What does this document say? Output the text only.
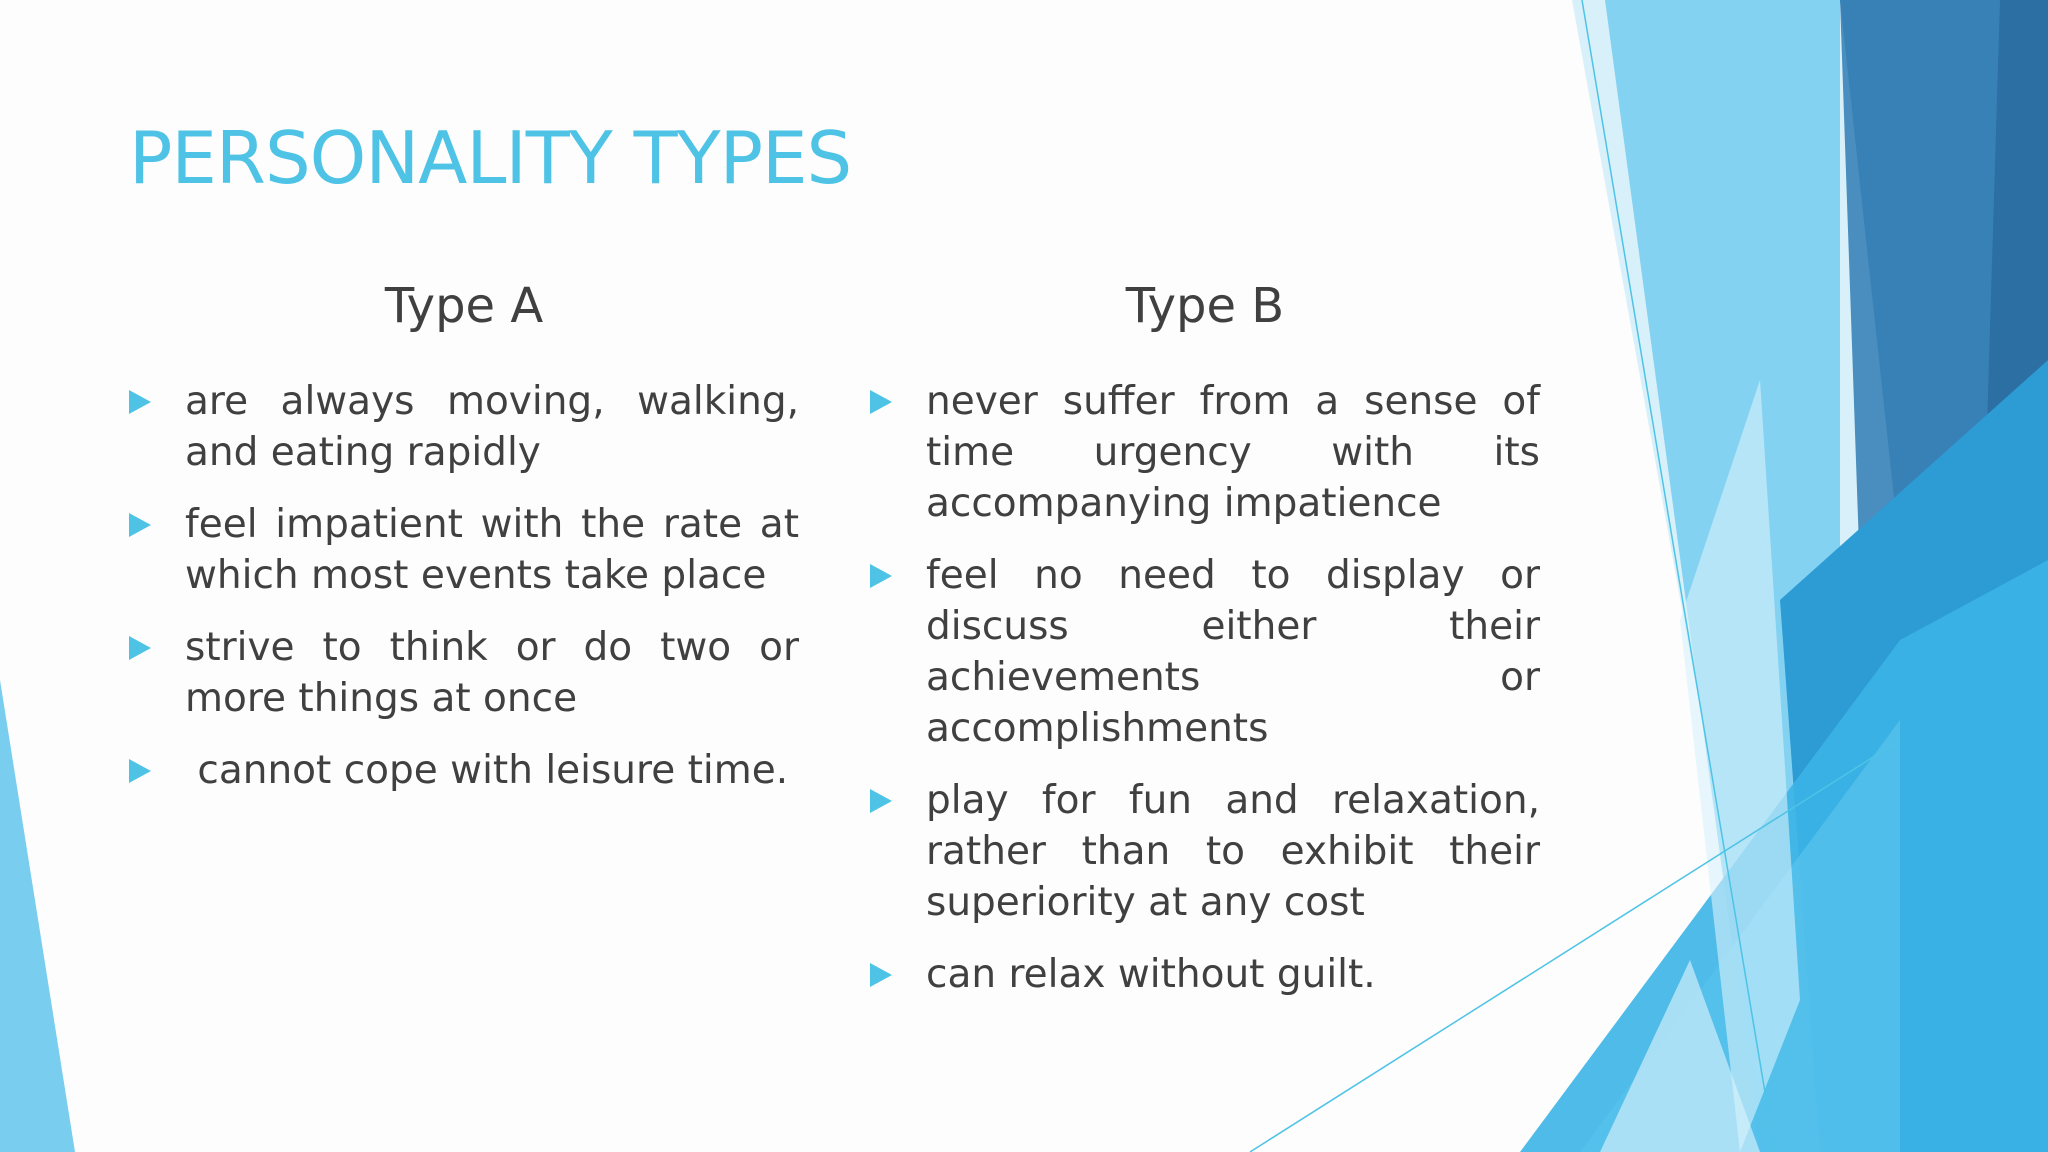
PERSONALITY TYPES
Type A
are always moving, walking, and eating rapidly
feel impatient with the rate at which most events take place
strive to think or do two or more things at once
cannot cope with leisure time.
Type B
never suffer from a sense of time urgency with its accompanying impatience
feel no need to display or discuss either their achievements or accomplishments
play for fun and relaxation, rather than to exhibit their superiority at any cost
can relax without guilt.
